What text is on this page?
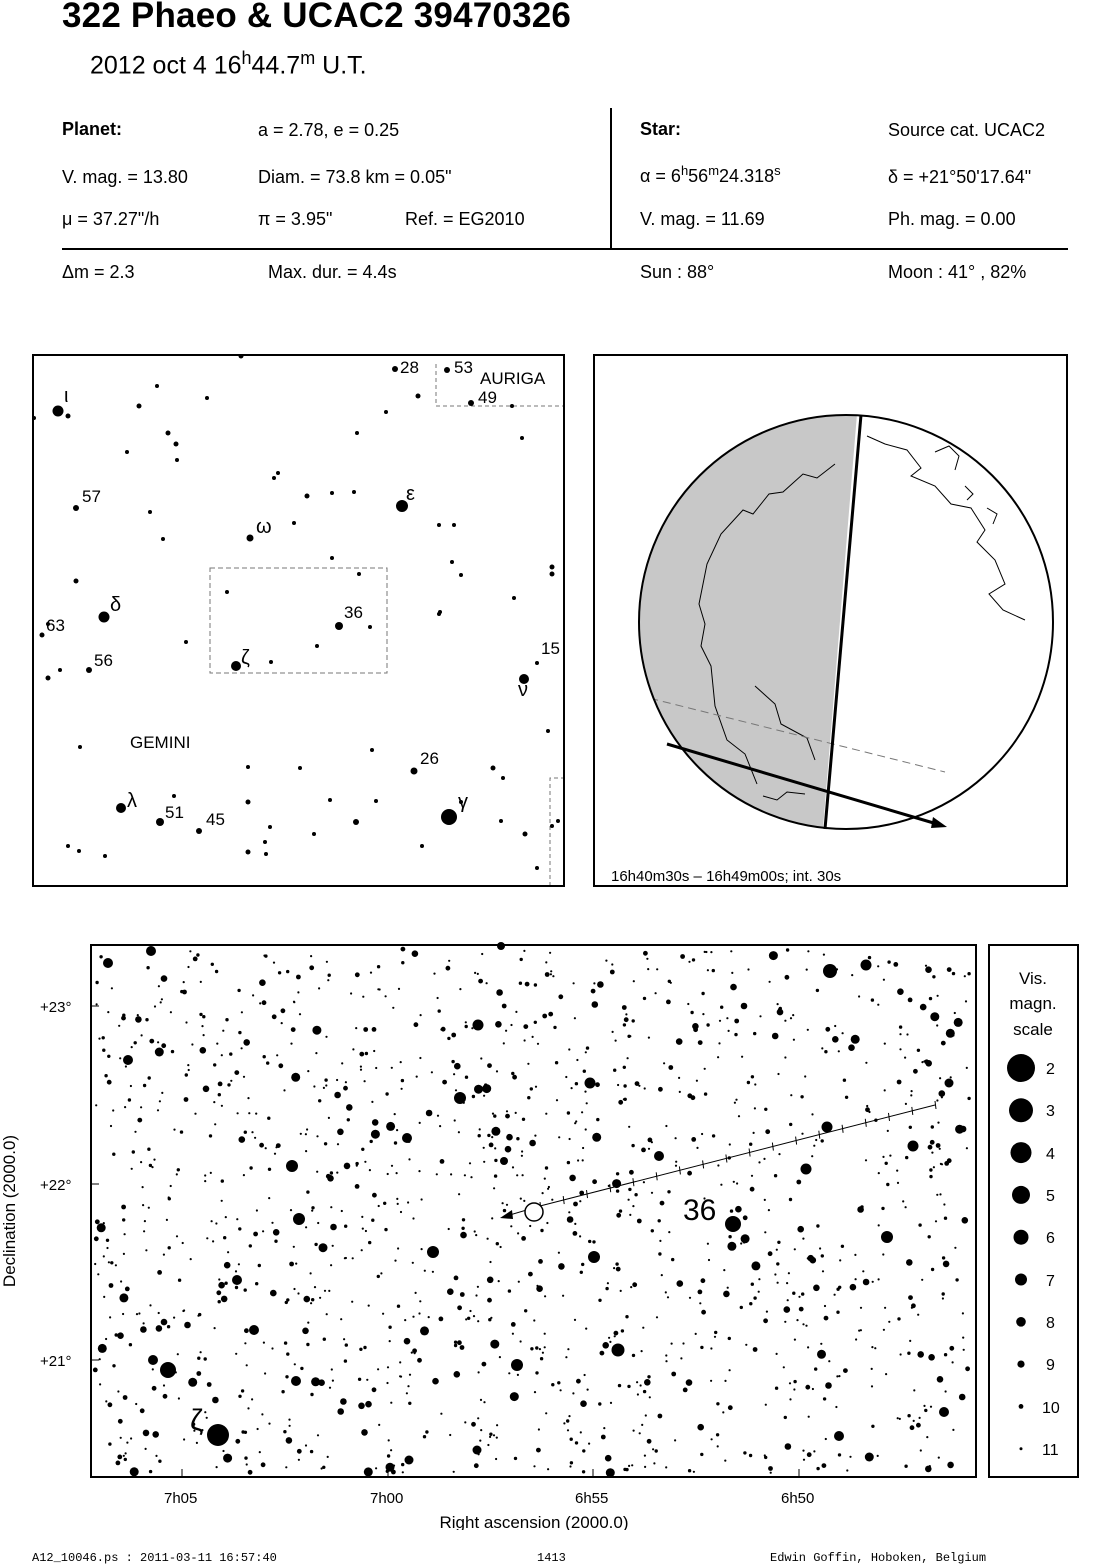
322 Phaeo & UCAC2 39470326
2012 oct 4 16$^h$44.7$^m$ U.T.
Planet:	a = 2.78, e = 0.25
V. mag. = 13.80	Diam. = 73.8 km = 0.05"
μ = 37.27"/h	π = 3.95"	Ref. = EG2010
Star:	Source cat. UCAC2
$\alpha = 6^h56^m24.318^s$	δ = +21°50'17.64"
V. mag. = 11.69	Ph. mag. = 0.00
Δm = 2.3	Max. dur. = 4.4s	Sun : 88°	Moon : 41° , 82%
28 53
49
ι
57	ε
ω
δ
63
36
56	ζ	15
ν
26
λ
51 45
γ
AURIGA
GEMINI
16h40m30s – 16h49m00s; int. 30s
36
ζ
+23°
+22°
+21°
7h05	7h00	6h55	6h50
Right ascension (2000.0)
Declination (2000.0)
Vis.
magn.
scale
2
3
4
5
6
7
8
9
10
11
A12_10046.ps : 2011-03-11 16:57:40	1413	Edwin Goffin, Hoboken, Belgium
